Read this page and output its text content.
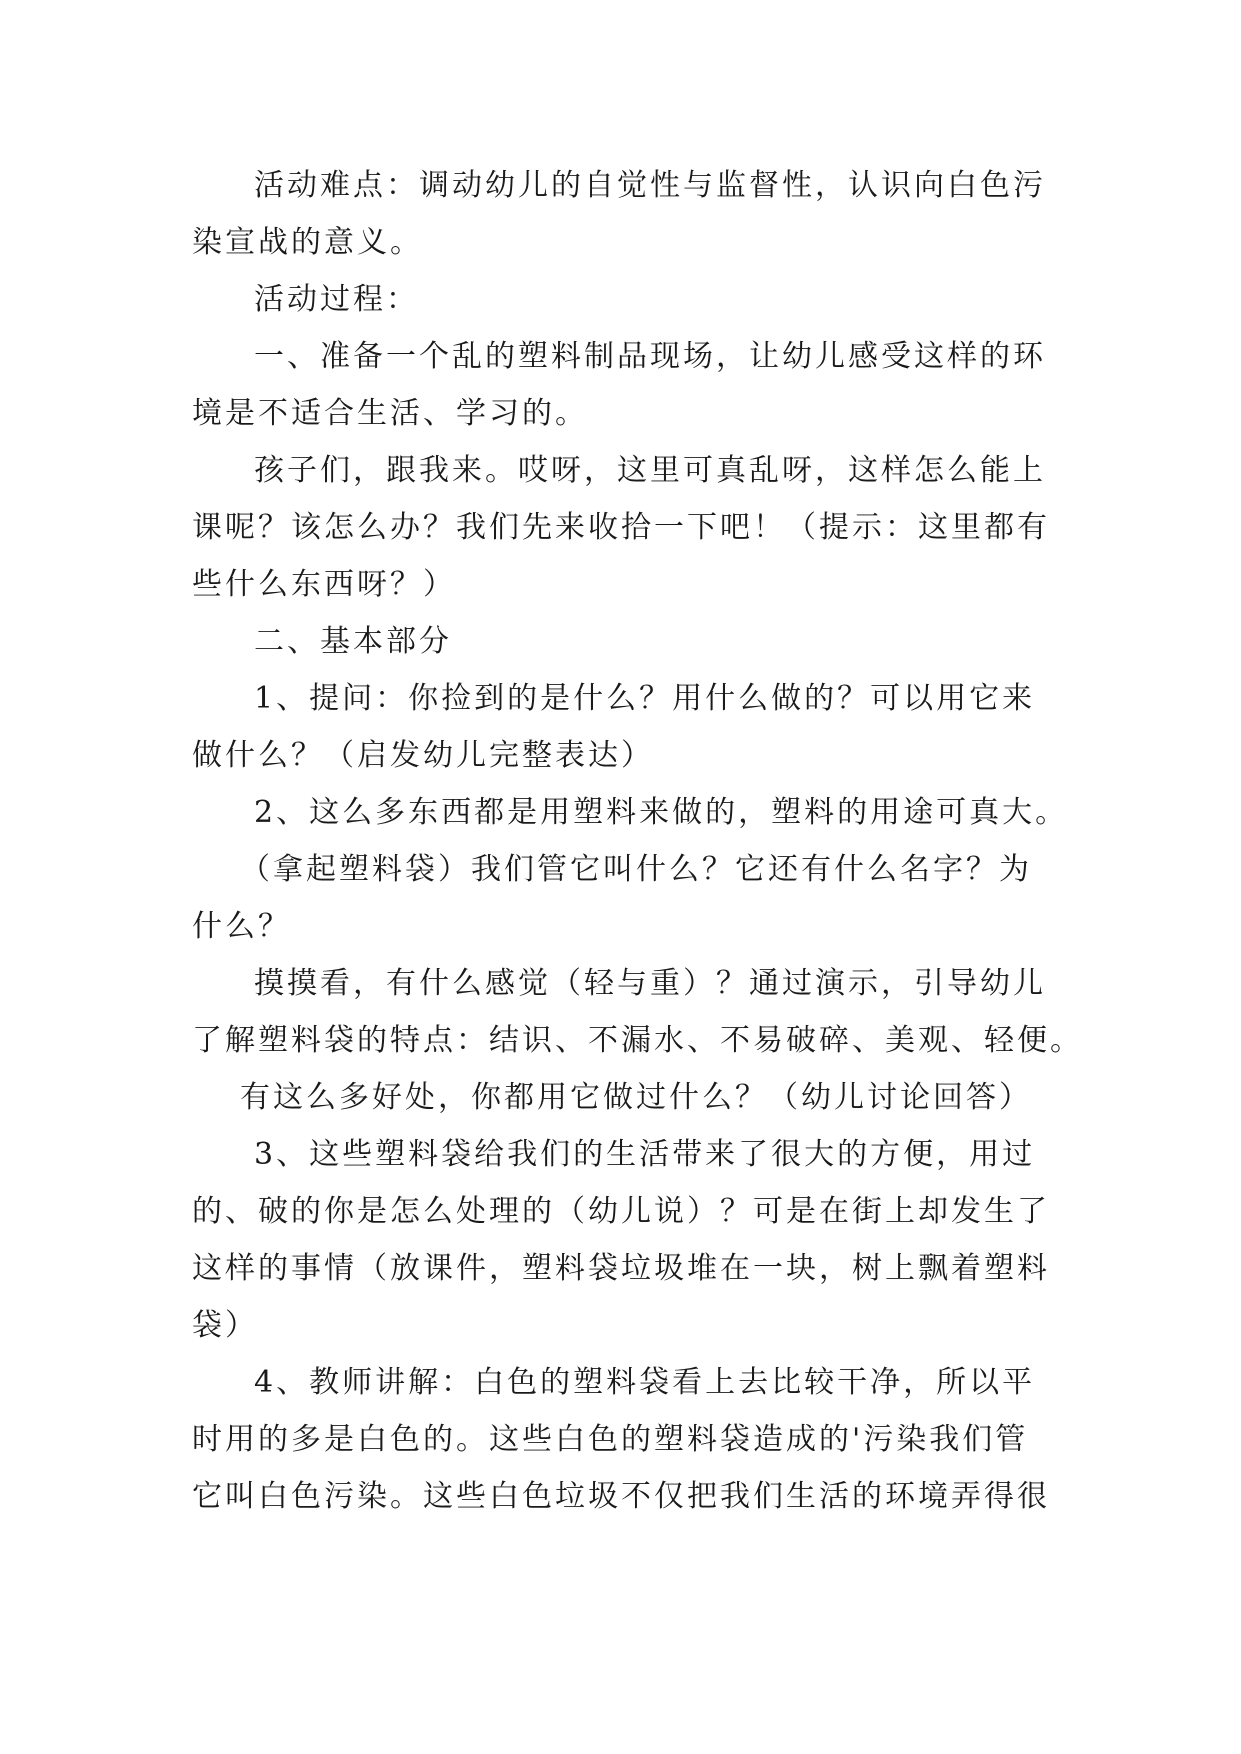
活动难点：调动幼儿的自觉性与监督性，认识向白色污
染宣战的意义。
活动过程：
一、准备一个乱的塑料制品现场，让幼儿感受这样的环
境是不适合生活、学习的。
孩子们，跟我来。哎呀，这里可真乱呀，这样怎么能上
课呢？该怎么办？我们先来收拾一下吧！（提示：这里都有
些什么东西呀？）
二、基本部分
1、提问：你捡到的是什么？用什么做的？可以用它来
做什么？（启发幼儿完整表达）
2、这么多东西都是用塑料来做的，塑料的用途可真大。
（拿起塑料袋）我们管它叫什么？它还有什么名字？为
什么？
摸摸看，有什么感觉（轻与重）？通过演示，引导幼儿
了解塑料袋的特点：结识、不漏水、不易破碎、美观、轻便。
有这么多好处，你都用它做过什么？（幼儿讨论回答）
3、这些塑料袋给我们的生活带来了很大的方便，用过
的、破的你是怎么处理的（幼儿说）？可是在街上却发生了
这样的事情（放课件，塑料袋垃圾堆在一块，树上飘着塑料
袋）
4、教师讲解：白色的塑料袋看上去比较干净，所以平
时用的多是白色的。这些白色的塑料袋造成的'污染我们管
它叫白色污染。这些白色垃圾不仅把我们生活的环境弄得很
